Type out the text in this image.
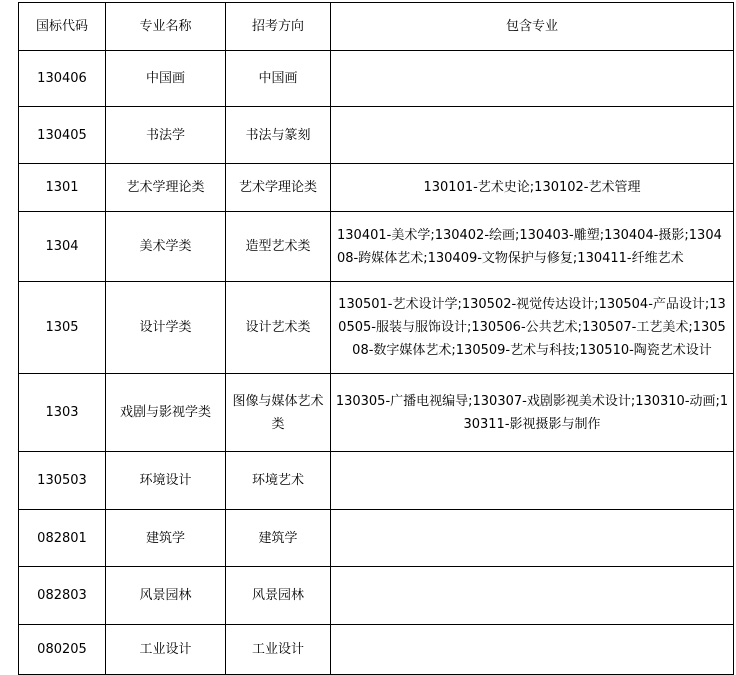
国标代码	专业名称	招考方向	包含专业
130406	中国画	中国画	
130405	书法学	书法与篆刻	
1301	艺术学理论类	艺术学理论类	130101-艺术史论;130102-艺术管理
1304	美术学类	造型艺术类	130401-美术学;130402-绘画;130403-雕塑;130404-摄影;130408-跨媒体艺术;130409-文物保护与修复;130411-纤维艺术
1305	设计学类	设计艺术类	130501-艺术设计学;130502-视觉传达设计;130504-产品设计;130505-服装与服饰设计;130506-公共艺术;130507-工艺美术;130508-数字媒体艺术;130509-艺术与科技;130510-陶瓷艺术设计
1303	戏剧与影视学类	图像与媒体艺术类	130305-广播电视编导;130307-戏剧影视美术设计;130310-动画;130311-影视摄影与制作
130503	环境设计	环境艺术	
082801	建筑学	建筑学	
082803	风景园林	风景园林	
080205	工业设计	工业设计	
